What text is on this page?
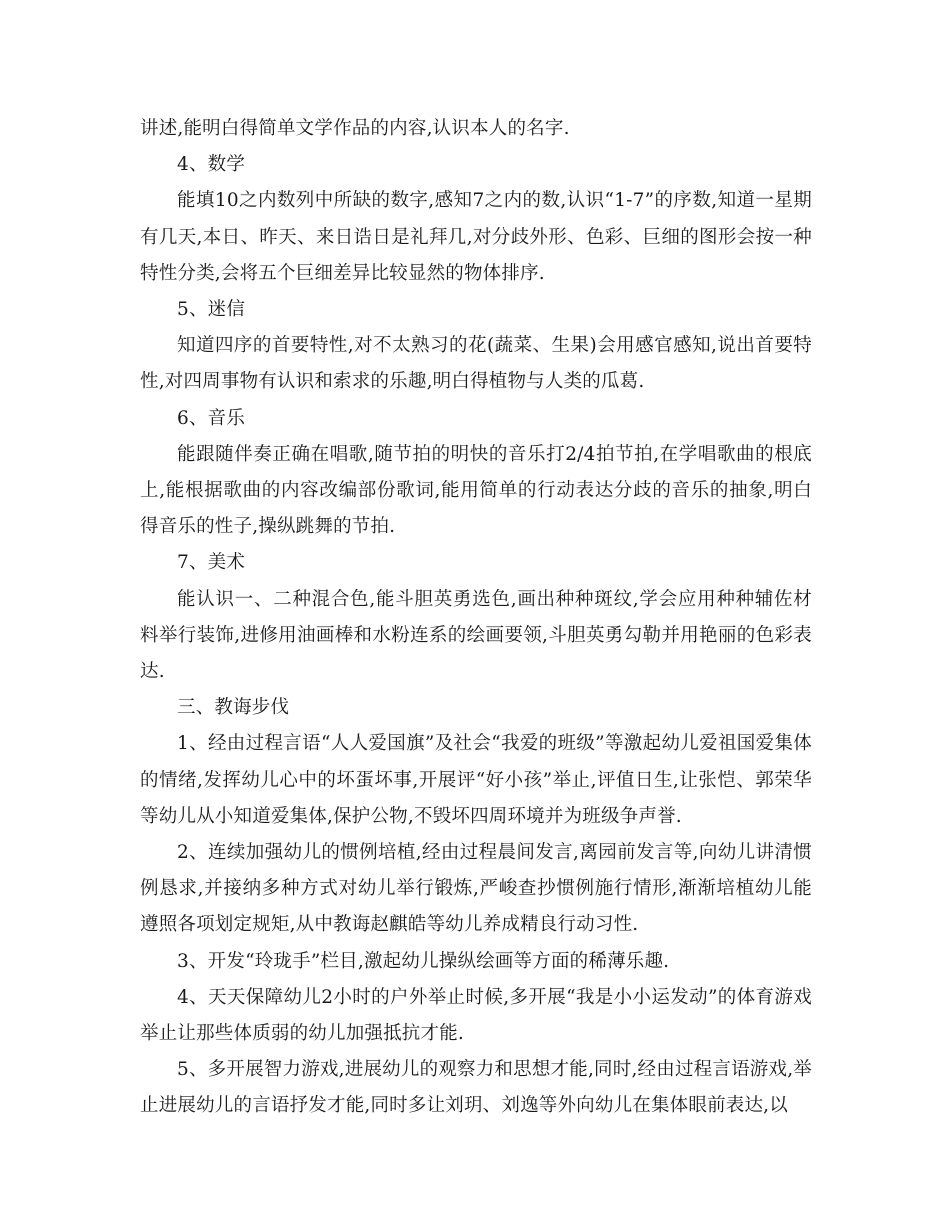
讲述,能明白得简单文学作品的内容,认识本人的名字.

4、数学

能填10之内数列中所缺的数字,感知7之内的数,认识“1-7”的序数,知道一星期有几天,本日、昨天、来日诰日是礼拜几,对分歧外形、色彩、巨细的图形会按一种特性分类,会将五个巨细差异比较显然的物体排序.

5、迷信

知道四序的首要特性,对不太熟习的花(蔬菜、生果)会用感官感知,说出首要特性,对四周事物有认识和索求的乐趣,明白得植物与人类的瓜葛.

6、音乐

能跟随伴奏正确在唱歌,随节拍的明快的音乐打2/4拍节拍,在学唱歌曲的根底上,能根据歌曲的内容改编部份歌词,能用简单的行动表达分歧的音乐的抽象,明白得音乐的性子,操纵跳舞的节拍.

7、美术

能认识一、二种混合色,能斗胆英勇选色,画出种种斑纹,学会应用种种辅佐材料举行装饰,进修用油画棒和水粉连系的绘画要领,斗胆英勇勾勒并用艳丽的色彩表达.

三、教诲步伐

1、经由过程言语“人人爱国旗”及社会“我爱的班级”等激起幼儿爱祖国爱集体的情绪,发挥幼儿心中的坏蛋坏事,开展评“好小孩”举止,评值日生,让张恺、郭荣华等幼儿从小知道爱集体,保护公物,不毁坏四周环境并为班级争声誉.

2、连续加强幼儿的惯例培植,经由过程晨间发言,离园前发言等,向幼儿讲清惯例恳求,并接纳多种方式对幼儿举行锻炼,严峻查抄惯例施行情形,渐渐培植幼儿能遵照各项划定规矩,从中教诲赵麒皓等幼儿养成精良行动习性.

3、开发“玲珑手”栏目,激起幼儿操纵绘画等方面的稀薄乐趣.

4、天天保障幼儿2小时的户外举止时候,多开展“我是小小运发动”的体育游戏举止让那些体质弱的幼儿加强抵抗才能.

5、多开展智力游戏,进展幼儿的观察力和思想才能,同时,经由过程言语游戏,举止进展幼儿的言语抒发才能,同时多让刘玥、刘逸等外向幼儿在集体眼前表达,以
